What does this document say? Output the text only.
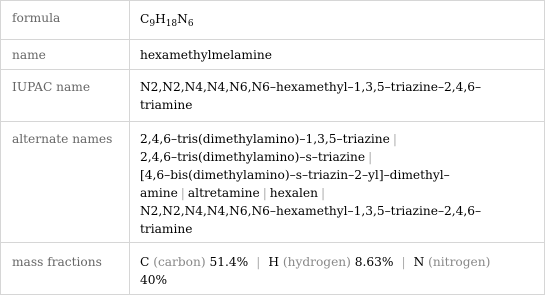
formula	$C_9H_{18}N_6$
name	hexamethylmelamine
IUPAC name	N2,N2,N4,N4,N6,N6–hexamethyl–1,3,5–triazine–2,4,6–
triamine
alternate names 2,4,6–tris(dimethylamino)–1,3,5–triazine |
2,4,6–tris(dimethylamino)–s–triazine |
[4,6–bis(dimethylamino)–s–triazin–2–yl]–dimethyl–
amine | altretamine | hexalen |
N2,N2,N4,N4,N6,N6–hexamethyl–1,3,5–triazine–2,4,6–
triamine
mass fractions	C (carbon) 51.4% | H (hydrogen) 8.63% | N (nitrogen)
40%
